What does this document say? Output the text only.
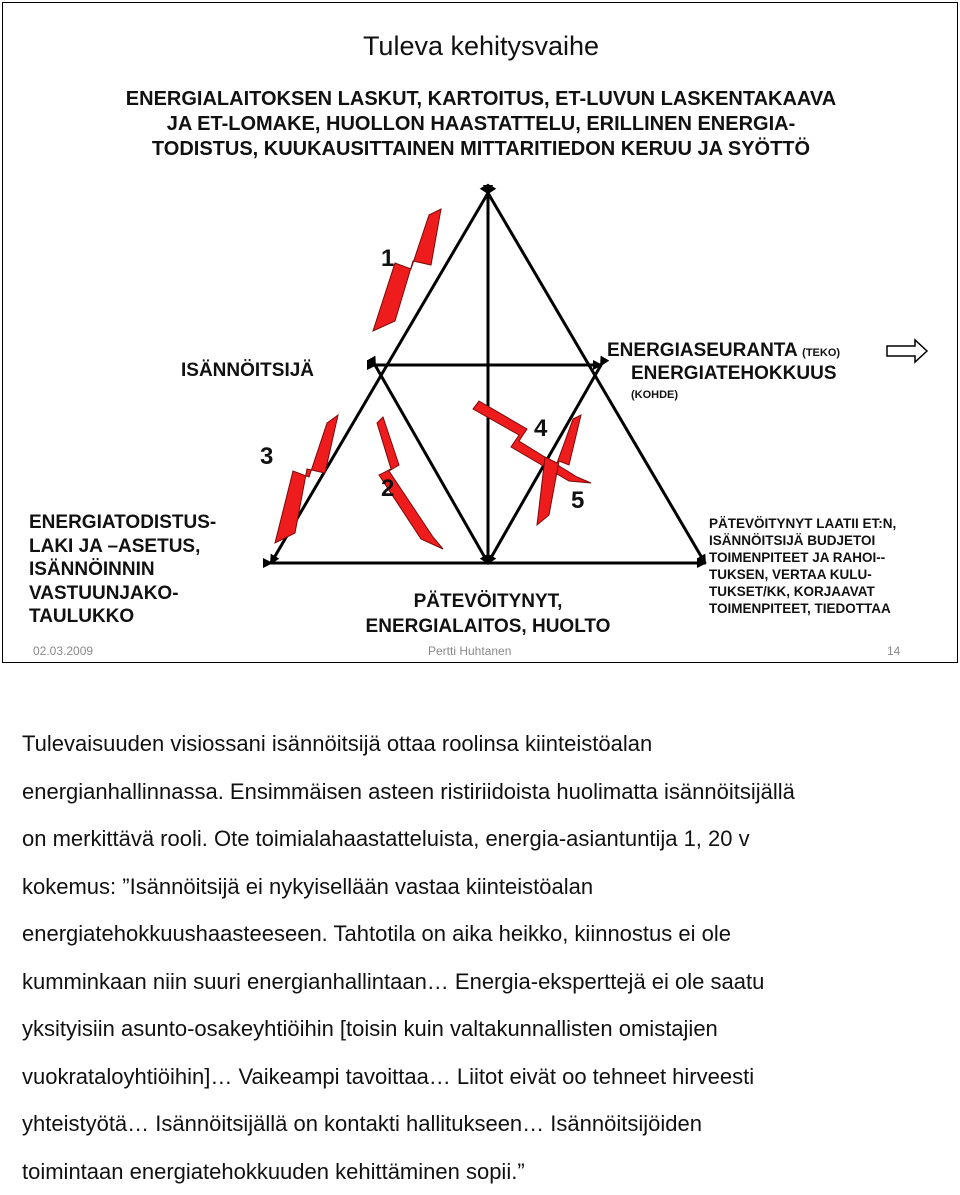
Tuleva kehitysvaihe
ENERGIALAITOKSEN LASKUT, KARTOITUS, ET-LUVUN LASKENTAKAAVA
JA ET-LOMAKE, HUOLLON HAASTATTELU, ERILLINEN ENERGIA-
TODISTUS, KUUKAUSITTAINEN MITTARITIEDON KERUU JA SYÖTTÖ
1
2
3
4
5
ISÄNNÖITSIJÄ
ENERGIASEURANTA (TEKO)
ENERGIATEHOKKUUS (KOHDE)
ENERGIATODISTUS-
LAKI JA –ASETUS,
ISÄNNÖINNIN
VASTUUNJAKO-
TAULUKKO
PÄTEVÖITYNYT,
ENERGIALAITOS, HUOLTO
PÄTEVÖITYNYT LAATII ET:N,
ISÄNNÖITSIJÄ BUDJETOI
TOIMENPITEET JA RAHOI--
TUKSEN, VERTAA KULU-
TUKSET/KK, KORJAAVAT
TOIMENPITEET, TIEDOTTAA
02.03.2009	Pertti Huhtanen	14

Tulevaisuuden visiossani isännöitsijä ottaa roolinsa kiinteistöalan

energianhallinnassa. Ensimmäisen asteen ristiriidoista huolimatta isännöitsijällä

on merkittävä rooli. Ote toimialahaastatteluista, energia-asiantuntija 1, 20 v

kokemus: ”Isännöitsijä ei nykyisellään vastaa kiinteistöalan

energiatehokkuushaasteeseen. Tahtotila on aika heikko, kiinnostus ei ole

kumminkaan niin suuri energianhallintaan… Energia-eksperttejä ei ole saatu

yksityisiin asunto-osakeyhtiöihin [toisin kuin valtakunnallisten omistajien

vuokrataloyhtiöihin]… Vaikeampi tavoittaa… Liitot eivät oo tehneet hirveesti

yhteistyötä… Isännöitsijällä on kontakti hallitukseen… Isännöitsijöiden

toimintaan energiatehokkuuden kehittäminen sopii.”
